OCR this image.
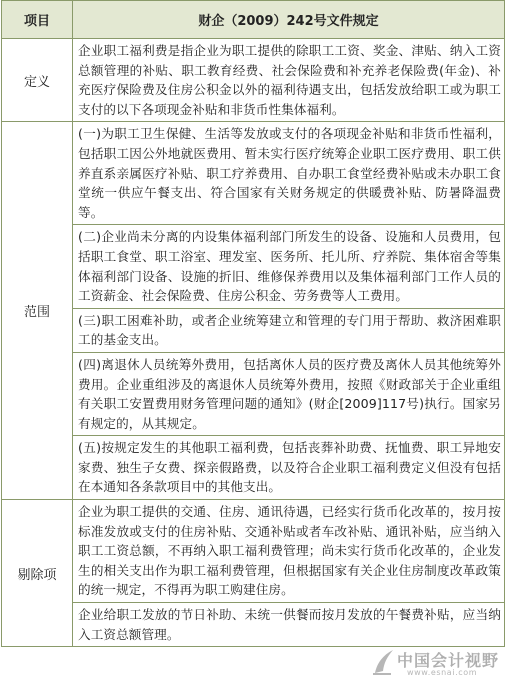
项目	财企（2009）242号文件规定
定义	企业职工福利费是指企业为职工提供的除职工工资、奖金、津贴、纳入工资总额管理的补贴、职工教育经费、社会保险费和补充养老保险费(年金)、补充医疗保险费及住房公积金以外的福利待遇支出，包括发放给职工或为职工支付的以下各项现金补贴和非货币性集体福利。
范围	(一)为职工卫生保健、生活等发放或支付的各项现金补贴和非货币性福利，包括职工因公外地就医费用、暂未实行医疗统筹企业职工医疗费用、职工供养直系亲属医疗补贴、职工疗养费用、自办职工食堂经费补贴或未办职工食堂统一供应午餐支出、符合国家有关财务规定的供暖费补贴、防暑降温费等。
	(二)企业尚未分离的内设集体福利部门所发生的设备、设施和人员费用，包括职工食堂、职工浴室、理发室、医务所、托儿所、疗养院、集体宿舍等集体福利部门设备、设施的折旧、维修保养费用以及集体福利部门工作人员的工资薪金、社会保险费、住房公积金、劳务费等人工费用。
	(三)职工困难补助，或者企业统筹建立和管理的专门用于帮助、救济困难职工的基金支出。
	(四)离退休人员统筹外费用，包括离休人员的医疗费及离休人员其他统筹外费用。企业重组涉及的离退休人员统筹外费用，按照《财政部关于企业重组有关职工安置费用财务管理问题的通知》(财企[2009]117号)执行。国家另有规定的，从其规定。
	(五)按规定发生的其他职工福利费，包括丧葬补助费、抚恤费、职工异地安家费、独生子女费、探亲假路费，以及符合企业职工福利费定义但没有包括在本通知各条款项目中的其他支出。
剔除项	企业为职工提供的交通、住房、通讯待遇，已经实行货币化改革的，按月按标准发放或支付的住房补贴、交通补贴或者车改补贴、通讯补贴，应当纳入职工工资总额，不再纳入职工福利费管理；尚未实行货币化改革的，企业发生的相关支出作为职工福利费管理，但根据国家有关企业住房制度改革政策的统一规定，不得再为职工购建住房。
	企业给职工发放的节日补助、未统一供餐而按月发放的午餐费补贴，应当纳入工资总额管理。
中国会计视野
www.esnai.com
